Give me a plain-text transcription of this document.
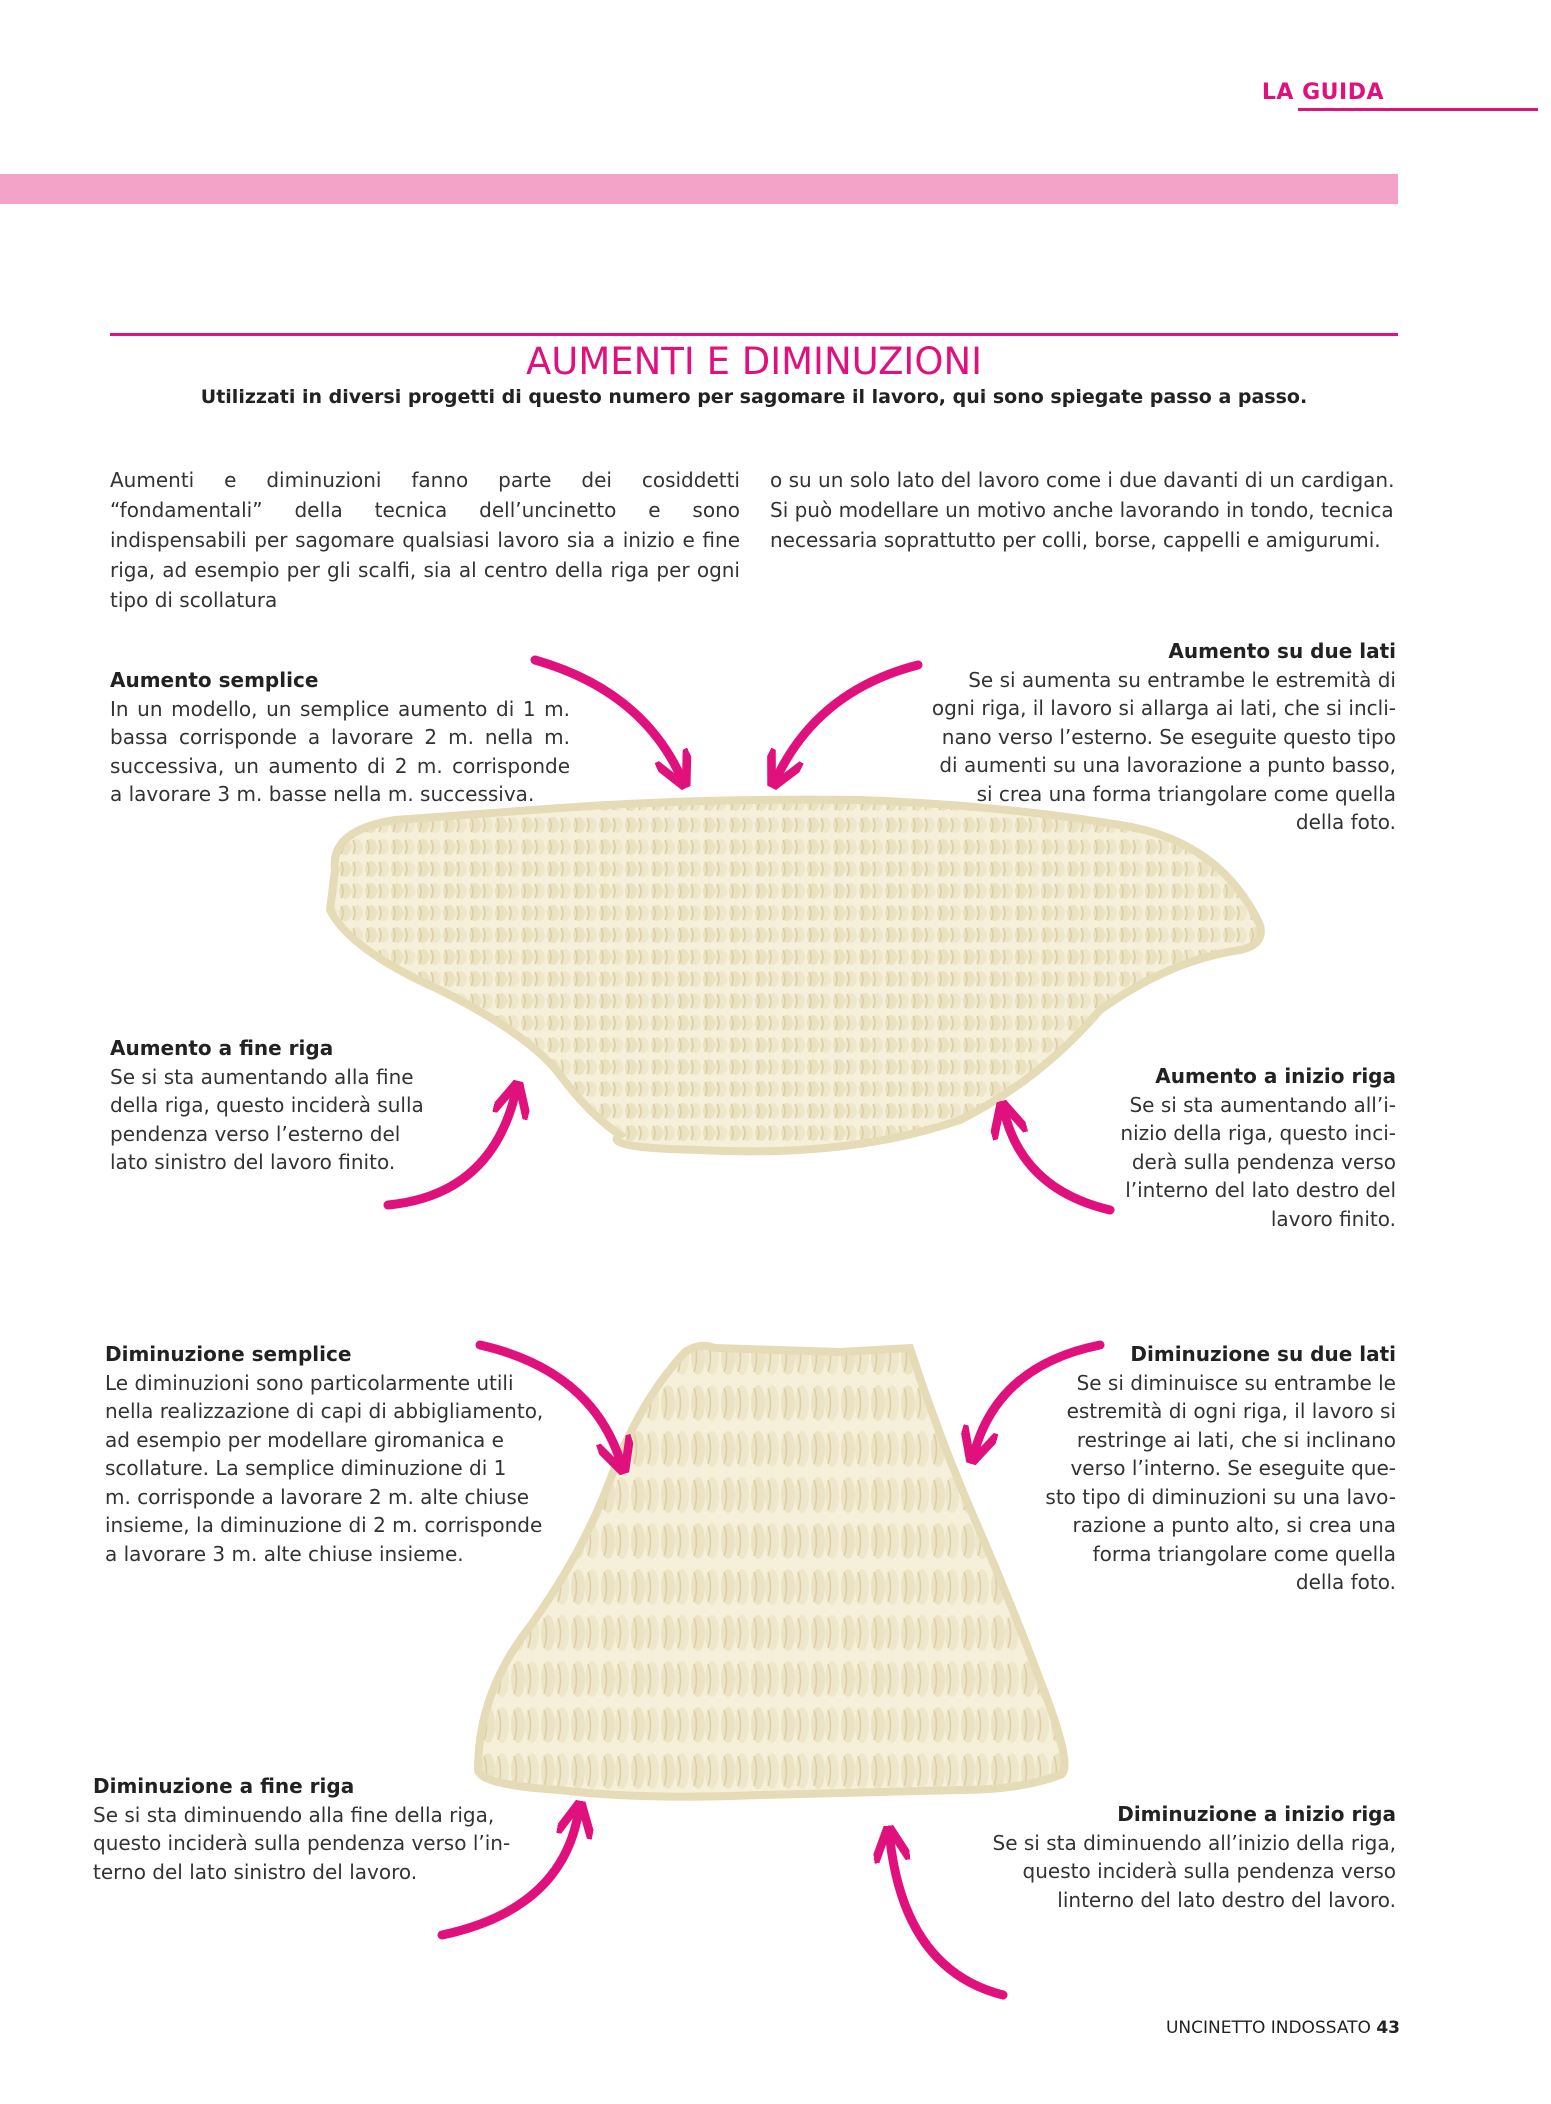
LA GUIDA
AUMENTI E DIMINUZIONI
Utilizzati in diversi progetti di questo numero per sagomare il lavoro, qui sono spiegate passo a passo.
Aumenti e diminuzioni fanno parte dei cosiddetti “fondamentali” della tecnica dell’uncinetto e sono indispensabili per sagomare qualsiasi lavoro sia a inizio e fine riga, ad esempio per gli scalfi, sia al centro della riga per ogni tipo di scollatura
o su un solo lato del lavoro come i due davanti di un cardigan. Si può modellare un motivo anche lavorando in tondo, tecnica necessaria soprattutto per colli, borse, cappelli e amigurumi.
Aumento semplice
In un modello, un semplice aumento di 1 m. bassa corrisponde a lavorare 2 m. nella m. successiva, un aumento di 2 m. corrisponde a lavorare 3 m. basse nella m. successiva.
Aumento su due lati
Se si aumenta su entrambe le estremità di
ogni riga, il lavoro si allarga ai lati, che si incli-
nano verso l’esterno. Se eseguite questo tipo
di aumenti su una lavorazione a punto basso,
si crea una forma triangolare come quella
della foto.
Aumento a fine riga
Se si sta aumentando alla fine
della riga, questo inciderà sulla
pendenza verso l’esterno del
lato sinistro del lavoro finito.
Aumento a inizio riga
Se si sta aumentando all’i-
nizio della riga, questo inci-
derà sulla pendenza verso
l’interno del lato destro del
lavoro finito.
Diminuzione semplice
Le diminuzioni sono particolarmente utili
nella realizzazione di capi di abbigliamento,
ad esempio per modellare giromanica e
scollature. La semplice diminuzione di 1
m. corrisponde a lavorare 2 m. alte chiuse
insieme, la diminuzione di 2 m. corrisponde
a lavorare 3 m. alte chiuse insieme.
Diminuzione su due lati
Se si diminuisce su entrambe le
estremità di ogni riga, il lavoro si
restringe ai lati, che si inclinano
verso l’interno. Se eseguite que-
sto tipo di diminuzioni su una lavo-
razione a punto alto, si crea una
forma triangolare come quella
della foto.
Diminuzione a fine riga
Se si sta diminuendo alla fine della riga,
questo inciderà sulla pendenza verso l’in-
terno del lato sinistro del lavoro.
Diminuzione a inizio riga
Se si sta diminuendo all’inizio della riga,
questo inciderà sulla pendenza verso
linterno del lato destro del lavoro.
UNCINETTO INDOSSATO 43
